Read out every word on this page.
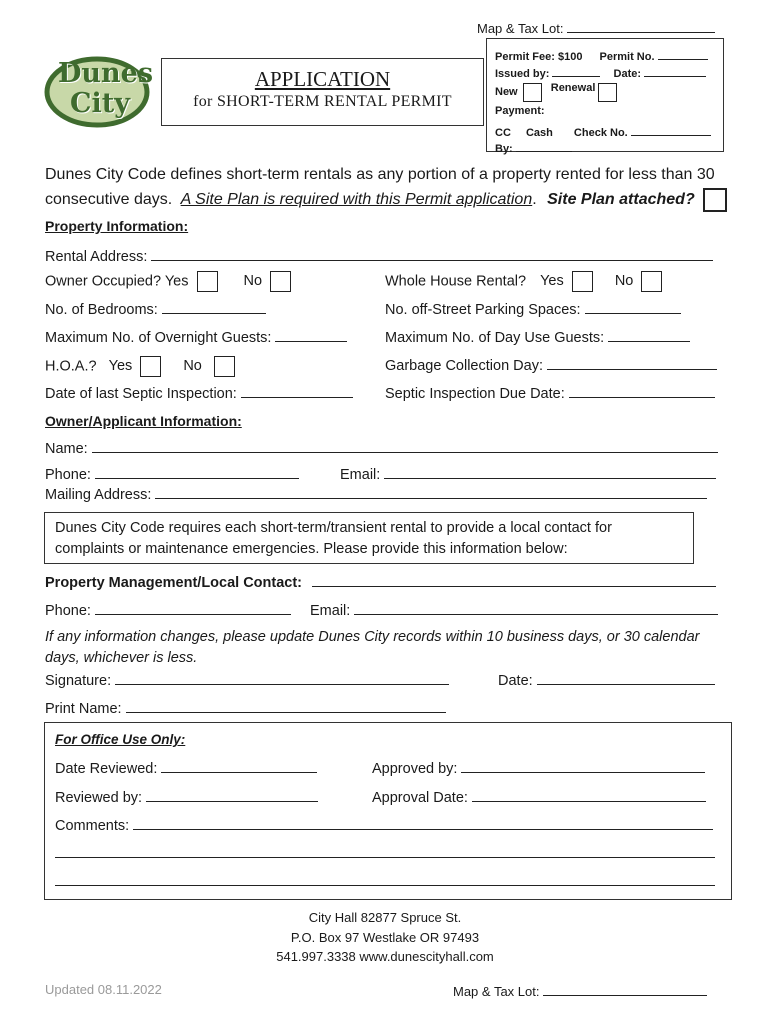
Map & Tax Lot:
Dunes
City
APPLICATION
for SHORT-TERM RENTAL PERMIT
Permit Fee: $100 Permit No.
Issued by:	Date:
New	Renewal
Payment:
CC Cash Check No.
By:
Dunes City Code defines short-term rentals as any portion of a property rented for less than 30
consecutive days. A Site Plan is required with this Permit application. Site Plan attached?
Property Information:
Rental Address:
Owner Occupied? Yes	No	Whole House Rental? Yes	No
No. of Bedrooms:	No. off-Street Parking Spaces:
Maximum No. of Overnight Guests:	Maximum No. of Day Use Guests:
H.O.A.? Yes	No	Garbage Collection Day:
Date of last Septic Inspection:	Septic Inspection Due Date:
Owner/Applicant Information:
Name:
Phone:	Email:
Mailing Address:
Dunes City Code requires each short-term/transient rental to provide a local contact for
complaints or maintenance emergencies. Please provide this information below:
Property Management/Local Contact:
Phone:	Email:
If any information changes, please update Dunes City records within 10 business days, or 30 calendar
days, whichever is less.
Signature:	Date:
Print Name:
For Office Use Only:
Date Reviewed:	Approved by:
Reviewed by:	Approval Date:
Comments:
City Hall 82877 Spruce St.
P.O. Box 97 Westlake OR 97493
541.997.3338 www.dunescityhall.com
Updated 08.11.2022	Map & Tax Lot:
